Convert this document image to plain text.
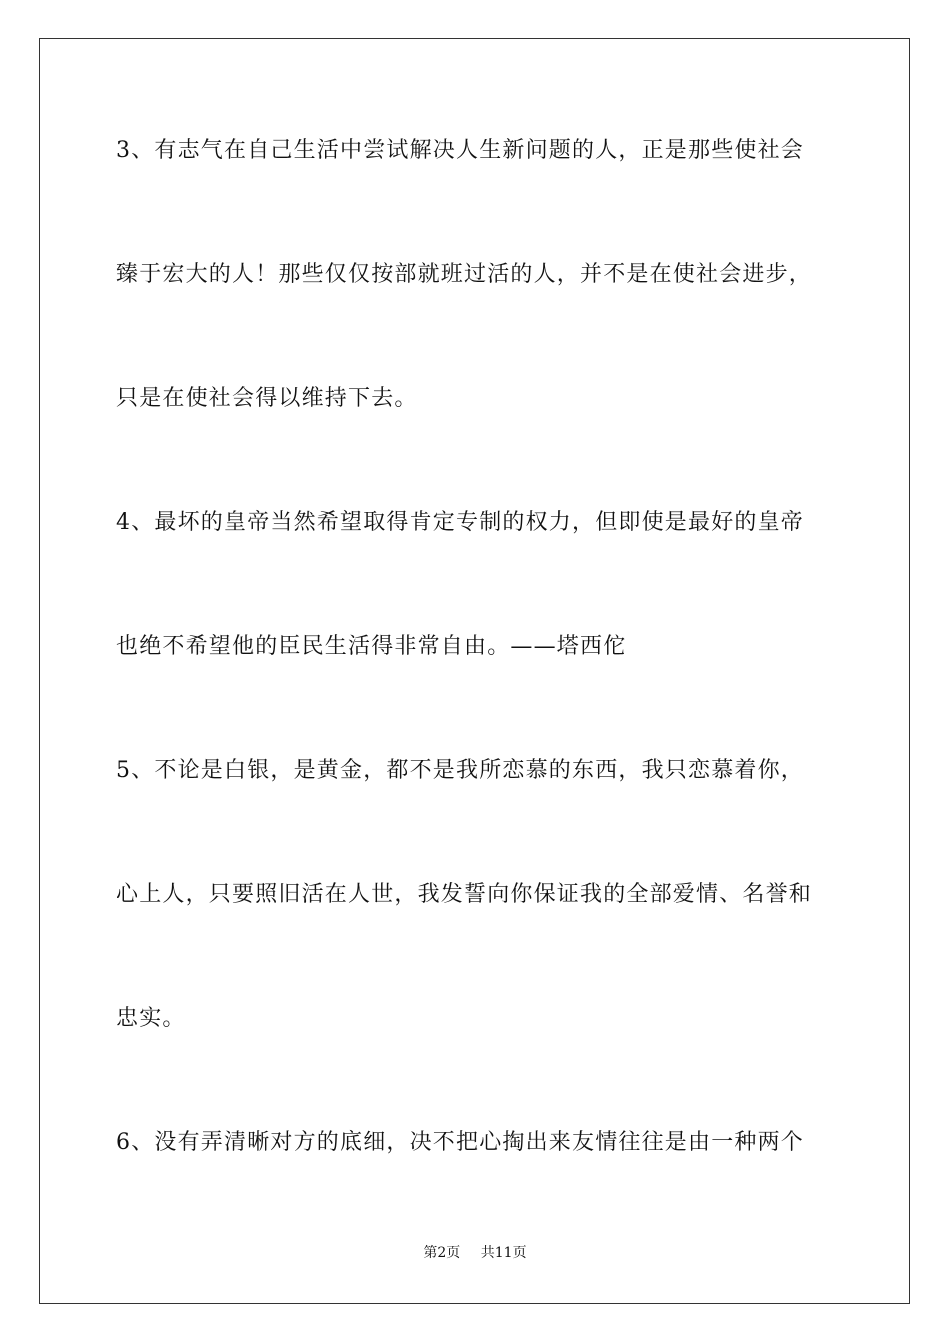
3、有志气在自己生活中尝试解决人生新问题的人，正是那些使社会
臻于宏大的人！那些仅仅按部就班过活的人，并不是在使社会进步，
只是在使社会得以维持下去。
4、最坏的皇帝当然希望取得肯定专制的权力，但即使是最好的皇帝
也绝不希望他的臣民生活得非常自由。——塔西佗
5、不论是白银，是黄金，都不是我所恋慕的东西，我只恋慕着你，
心上人，只要照旧活在人世，我发誓向你保证我的全部爱情、名誉和
忠实。
6、没有弄清晰对方的底细，决不把心掏出来友情往往是由一种两个
第2页 共11页
